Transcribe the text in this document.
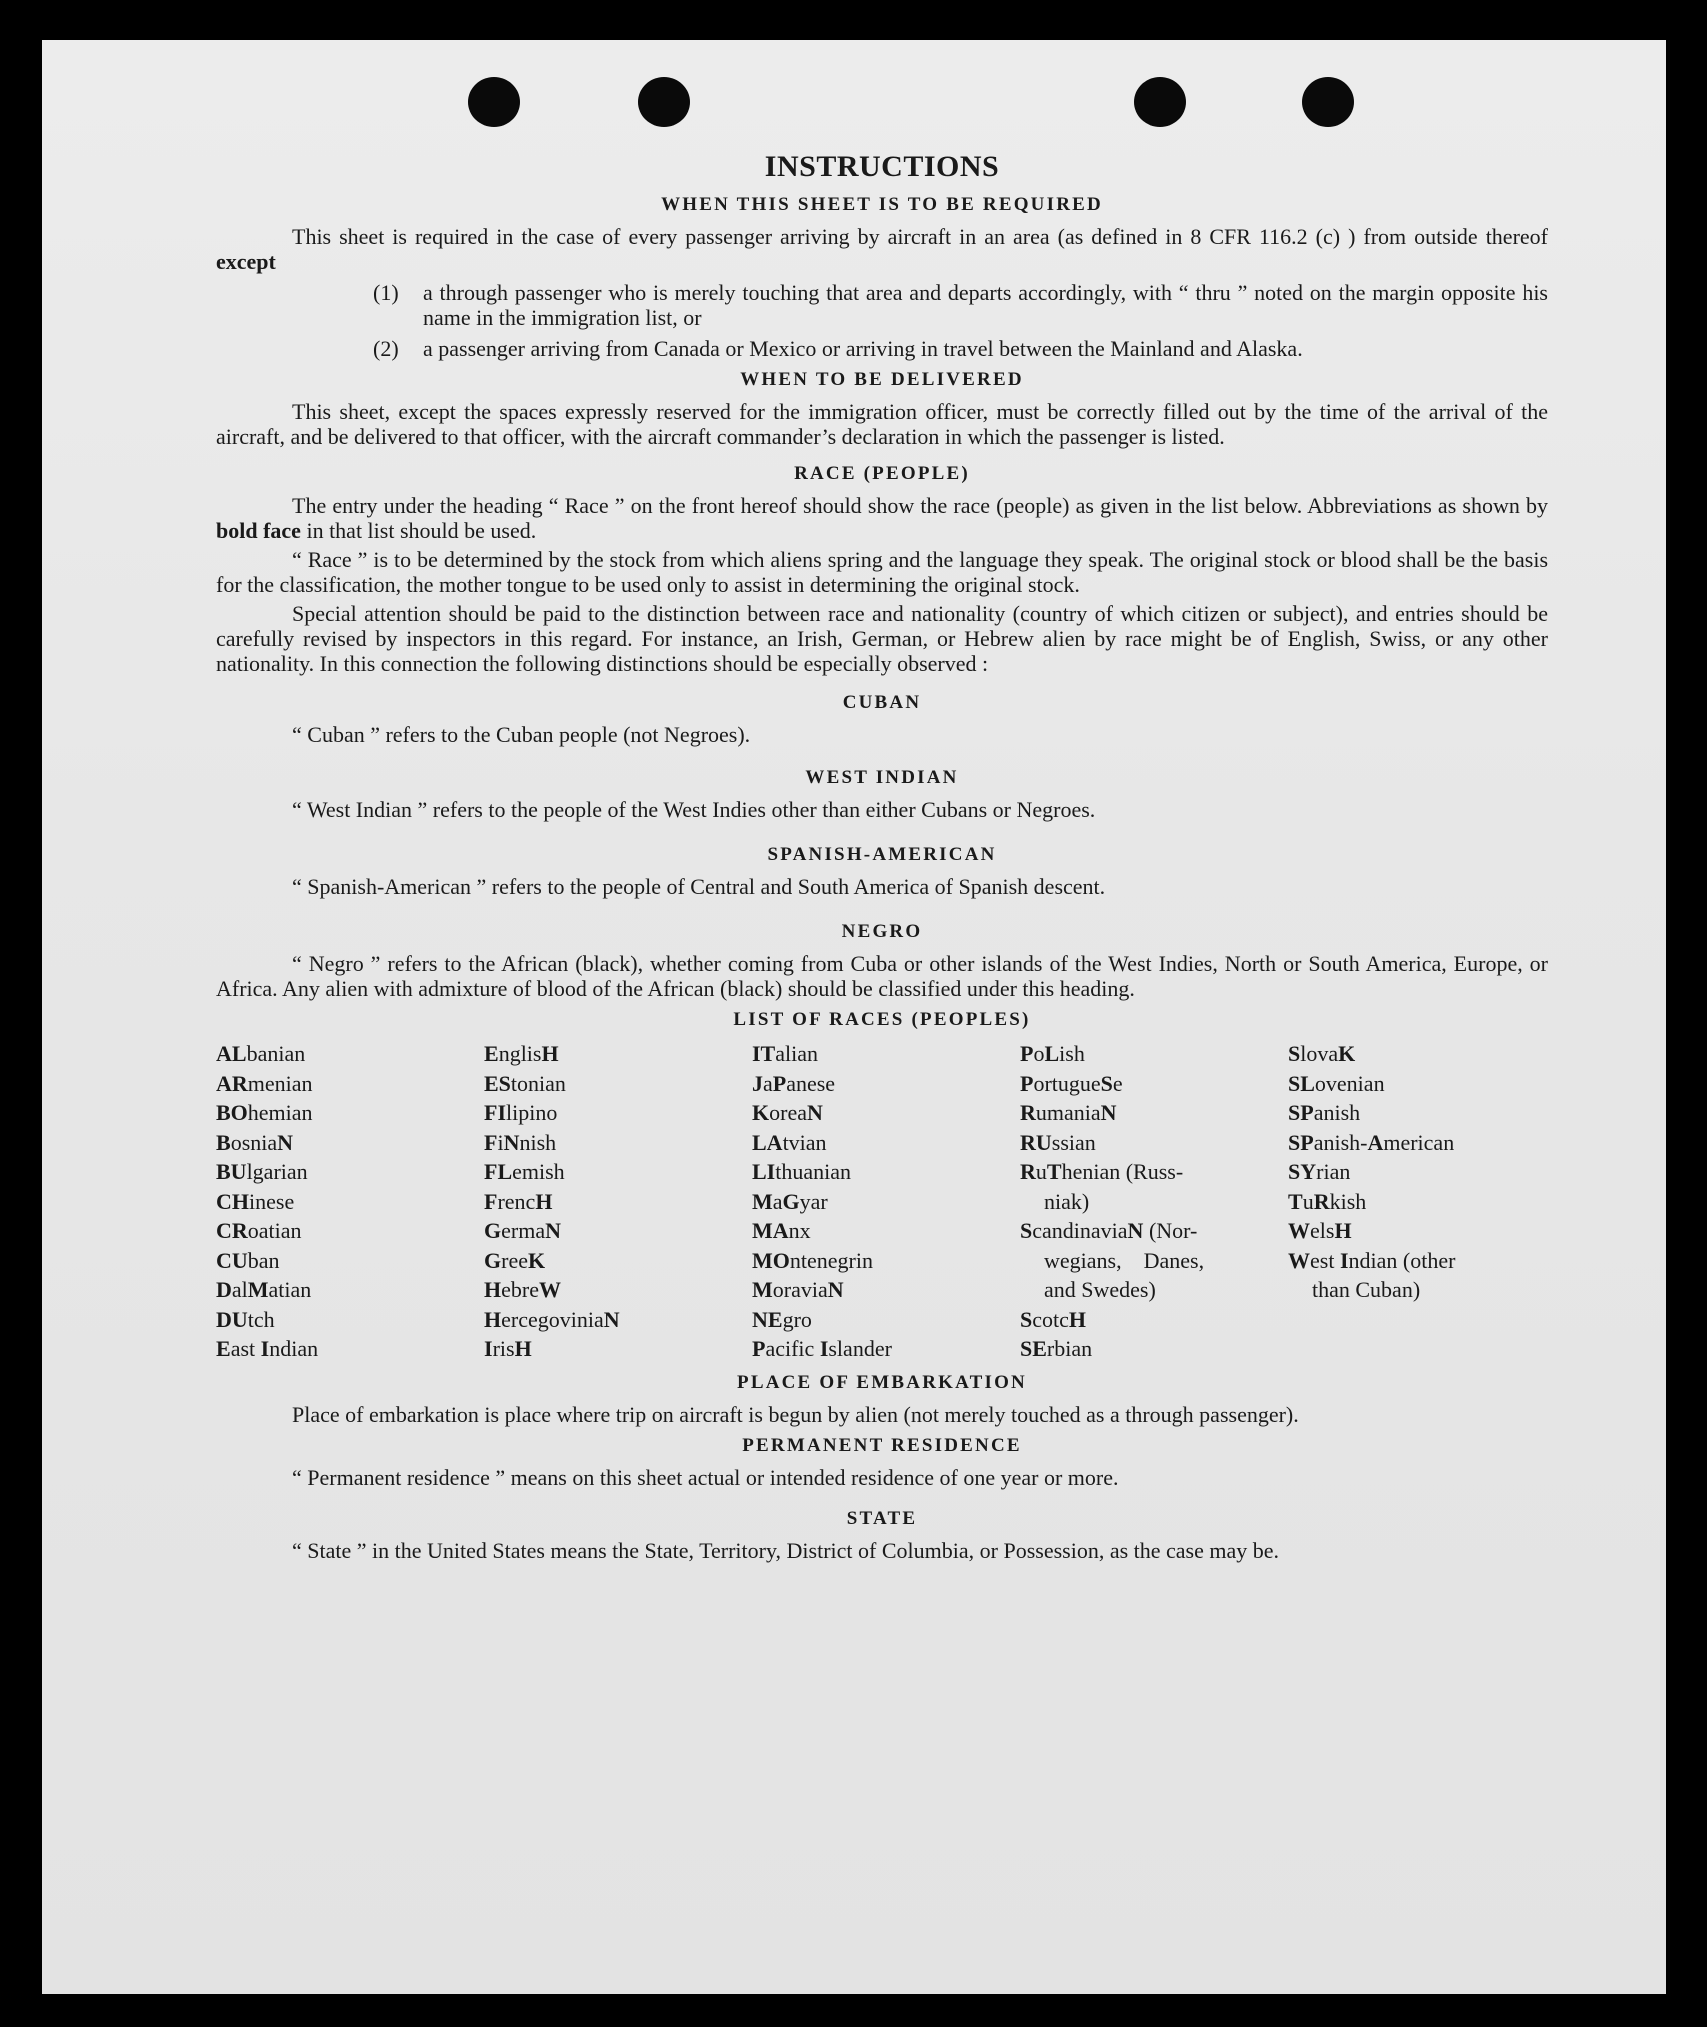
INSTRUCTIONS
WHEN THIS SHEET IS TO BE REQUIRED

This sheet is required in the case of every passenger arriving by aircraft in an area (as defined in 8 CFR 116.2 (c) ) from outside thereof except

(1)	a through passenger who is merely touching that area and departs accordingly, with “ thru ” noted on the margin opposite his name in the immigration list, or
(2)	a passenger arriving from Canada or Mexico or arriving in travel between the Mainland and Alaska.
WHEN TO BE DELIVERED

This sheet, except the spaces expressly reserved for the immigration officer, must be correctly filled out by the time of the arrival of the aircraft, and be delivered to that officer, with the aircraft commander’s declaration in which the passenger is listed.

RACE (PEOPLE)

The entry under the heading “ Race ” on the front hereof should show the race (people) as given in the list below. Abbreviations as shown by bold face in that list should be used.

“ Race ” is to be determined by the stock from which aliens spring and the language they speak. The original stock or blood shall be the basis for the classification, the mother tongue to be used only to assist in determining the original stock.

Special attention should be paid to the distinction between race and nationality (country of which citizen or subject), and entries should be carefully revised by inspectors in this regard. For instance, an Irish, German, or Hebrew alien by race might be of English, Swiss, or any other nationality. In this connection the following distinctions should be especially observed :

CUBAN

“ Cuban ” refers to the Cuban people (not Negroes).

WEST INDIAN

“ West Indian ” refers to the people of the West Indies other than either Cubans or Negroes.

SPANISH-AMERICAN

“ Spanish-American ” refers to the people of Central and South America of Spanish descent.

NEGRO

“ Negro ” refers to the African (black), whether coming from Cuba or other islands of the West Indies, North or South America, Europe, or Africa. Any alien with admixture of blood of the African (black) should be classified under this heading.

LIST OF RACES (PEOPLES)
ALbanian
ARmenian
BOhemian
BosniaN
BUlgarian
CHinese
CRoatian
CUban
DalMatian
DUtch
East Indian
EnglisH
EStonian
FIlipino
FiNnish
FLemish
FrencH
GermaN
GreeK
HebreW
HercegoviniaN
IrisH
ITalian
JaPanese
KoreaN
LAtvian
LIthuanian
MaGyar
MAnx
MOntenegrin
MoraviaN
NEgro
Pacific Islander
PoLish
PortugueSe
RumaniaN
RUssian
RuThenian (Russ-
niak)
ScandinaviaN (Nor-
wegians,    Danes,
and Swedes)
ScotcH
SErbian
SlovaK
SLovenian
SPanish
SPanish-American
SYrian
TuRkish
WelsH
West Indian (other
than Cuban)
PLACE OF EMBARKATION

Place of embarkation is place where trip on aircraft is begun by alien (not merely touched as a through passenger).

PERMANENT RESIDENCE

“ Permanent residence ” means on this sheet actual or intended residence of one year or more.

STATE

“ State ” in the United States means the State, Territory, District of Columbia, or Possession, as the case may be.
